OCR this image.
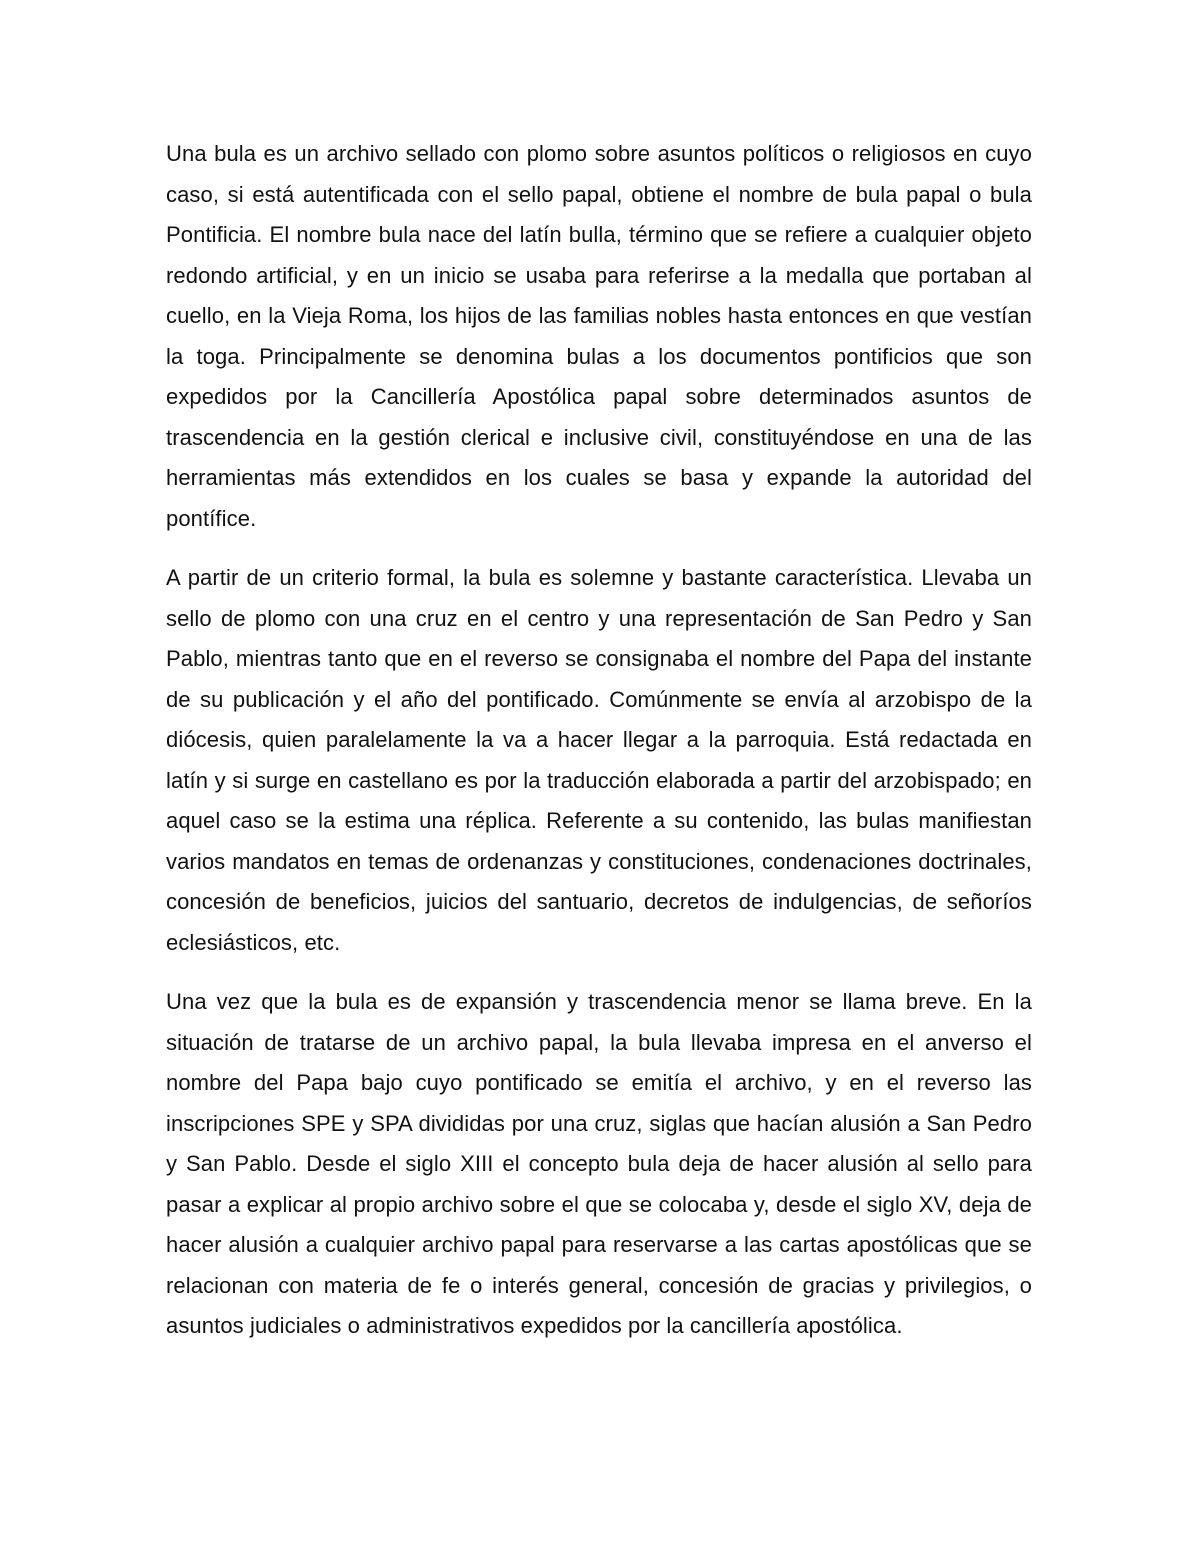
Una bula es un archivo sellado con plomo sobre asuntos políticos o religiosos en cuyo caso, si está autentificada con el sello papal, obtiene el nombre de bula papal o bula Pontificia. El nombre bula nace del latín bulla, término que se refiere a cualquier objeto redondo artificial, y en un inicio se usaba para referirse a la medalla que portaban al cuello, en la Vieja Roma, los hijos de las familias nobles hasta entonces en que vestían la toga. Principalmente se denomina bulas a los documentos pontificios que son expedidos por la Cancillería Apostólica papal sobre determinados asuntos de trascendencia en la gestión clerical e inclusive civil, constituyéndose en una de las herramientas más extendidos en los cuales se basa y expande la autoridad del pontífice.

A partir de un criterio formal, la bula es solemne y bastante característica. Llevaba un sello de plomo con una cruz en el centro y una representación de San Pedro y San Pablo, mientras tanto que en el reverso se consignaba el nombre del Papa del instante de su publicación y el año del pontificado. Comúnmente se envía al arzobispo de la diócesis, quien paralelamente la va a hacer llegar a la parroquia. Está redactada en latín y si surge en castellano es por la traducción elaborada a partir del arzobispado; en aquel caso se la estima una réplica. Referente a su contenido, las bulas manifiestan varios mandatos en temas de ordenanzas y constituciones, condenaciones doctrinales, concesión de beneficios, juicios del santuario, decretos de indulgencias, de señoríos eclesiásticos, etc.

Una vez que la bula es de expansión y trascendencia menor se llama breve. En la situación de tratarse de un archivo papal, la bula llevaba impresa en el anverso el nombre del Papa bajo cuyo pontificado se emitía el archivo, y en el reverso las inscripciones SPE y SPA divididas por una cruz, siglas que hacían alusión a San Pedro y San Pablo. Desde el siglo XIII el concepto bula deja de hacer alusión al sello para pasar a explicar al propio archivo sobre el que se colocaba y, desde el siglo XV, deja de hacer alusión a cualquier archivo papal para reservarse a las cartas apostólicas que se relacionan con materia de fe o interés general, concesión de gracias y privilegios, o asuntos judiciales o administrativos expedidos por la cancillería apostólica.
